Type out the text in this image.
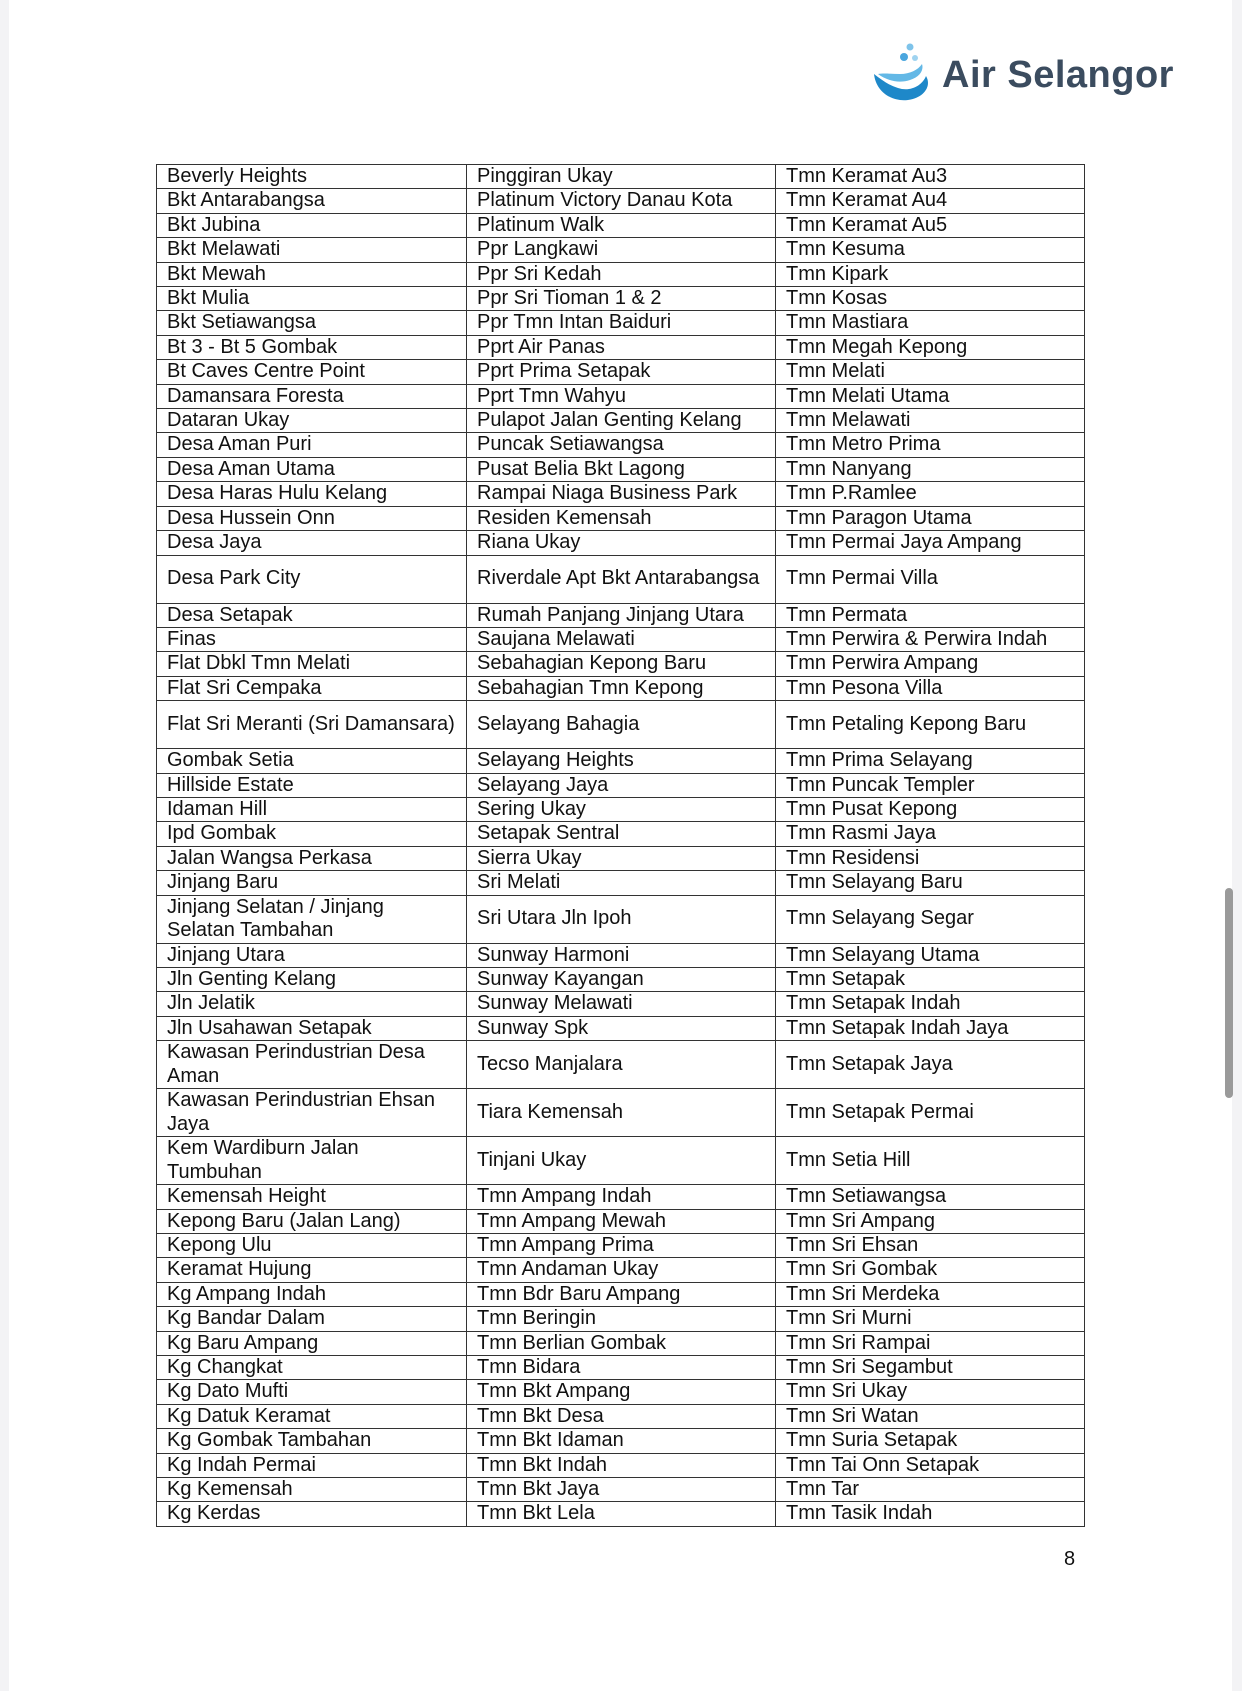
Air Selangor
Beverly Heights	Pinggiran Ukay	Tmn Keramat Au3
Bkt Antarabangsa	Platinum Victory Danau Kota	Tmn Keramat Au4
Bkt Jubina	Platinum Walk	Tmn Keramat Au5
Bkt Melawati	Ppr Langkawi	Tmn Kesuma
Bkt Mewah	Ppr Sri Kedah	Tmn Kipark
Bkt Mulia	Ppr Sri Tioman 1 & 2	Tmn Kosas
Bkt Setiawangsa	Ppr Tmn Intan Baiduri	Tmn Mastiara
Bt 3 - Bt 5 Gombak	Pprt Air Panas	Tmn Megah Kepong
Bt Caves Centre Point	Pprt Prima Setapak	Tmn Melati
Damansara Foresta	Pprt Tmn Wahyu	Tmn Melati Utama
Dataran Ukay	Pulapot Jalan Genting Kelang	Tmn Melawati
Desa Aman Puri	Puncak Setiawangsa	Tmn Metro Prima
Desa Aman Utama	Pusat Belia Bkt Lagong	Tmn Nanyang
Desa Haras Hulu Kelang	Rampai Niaga Business Park	Tmn P.Ramlee
Desa Hussein Onn	Residen Kemensah	Tmn Paragon Utama
Desa Jaya	Riana Ukay	Tmn Permai Jaya Ampang
Desa Park City	Riverdale Apt Bkt Antarabangsa	Tmn Permai Villa
Desa Setapak	Rumah Panjang Jinjang Utara	Tmn Permata
Finas	Saujana Melawati	Tmn Perwira & Perwira Indah
Flat Dbkl Tmn Melati	Sebahagian Kepong Baru	Tmn Perwira Ampang
Flat Sri Cempaka	Sebahagian Tmn Kepong	Tmn Pesona Villa
Flat Sri Meranti (Sri Damansara)	Selayang Bahagia	Tmn Petaling Kepong Baru
Gombak Setia	Selayang Heights	Tmn Prima Selayang
Hillside Estate	Selayang Jaya	Tmn Puncak Templer
Idaman Hill	Sering Ukay	Tmn Pusat Kepong
Ipd Gombak	Setapak Sentral	Tmn Rasmi Jaya
Jalan Wangsa Perkasa	Sierra Ukay	Tmn Residensi
Jinjang Baru	Sri Melati	Tmn Selayang Baru
Jinjang Selatan / Jinjang Selatan Tambahan	Sri Utara Jln Ipoh	Tmn Selayang Segar
Jinjang Utara	Sunway Harmoni	Tmn Selayang Utama
Jln Genting Kelang	Sunway Kayangan	Tmn Setapak
Jln Jelatik	Sunway Melawati	Tmn Setapak Indah
Jln Usahawan Setapak	Sunway Spk	Tmn Setapak Indah Jaya
Kawasan Perindustrian Desa Aman	Tecso Manjalara	Tmn Setapak Jaya
Kawasan Perindustrian Ehsan Jaya	Tiara Kemensah	Tmn Setapak Permai
Kem Wardiburn Jalan Tumbuhan	Tinjani Ukay	Tmn Setia Hill
Kemensah Height	Tmn Ampang Indah	Tmn Setiawangsa
Kepong Baru (Jalan Lang)	Tmn Ampang Mewah	Tmn Sri Ampang
Kepong Ulu	Tmn Ampang Prima	Tmn Sri Ehsan
Keramat Hujung	Tmn Andaman Ukay	Tmn Sri Gombak
Kg Ampang Indah	Tmn Bdr Baru Ampang	Tmn Sri Merdeka
Kg Bandar Dalam	Tmn Beringin	Tmn Sri Murni
Kg Baru Ampang	Tmn Berlian Gombak	Tmn Sri Rampai
Kg Changkat	Tmn Bidara	Tmn Sri Segambut
Kg Dato Mufti	Tmn Bkt Ampang	Tmn Sri Ukay
Kg Datuk Keramat	Tmn Bkt Desa	Tmn Sri Watan
Kg Gombak Tambahan	Tmn Bkt Idaman	Tmn Suria Setapak
Kg Indah Permai	Tmn Bkt Indah	Tmn Tai Onn Setapak
Kg Kemensah	Tmn Bkt Jaya	Tmn Tar
Kg Kerdas	Tmn Bkt Lela	Tmn Tasik Indah
8
